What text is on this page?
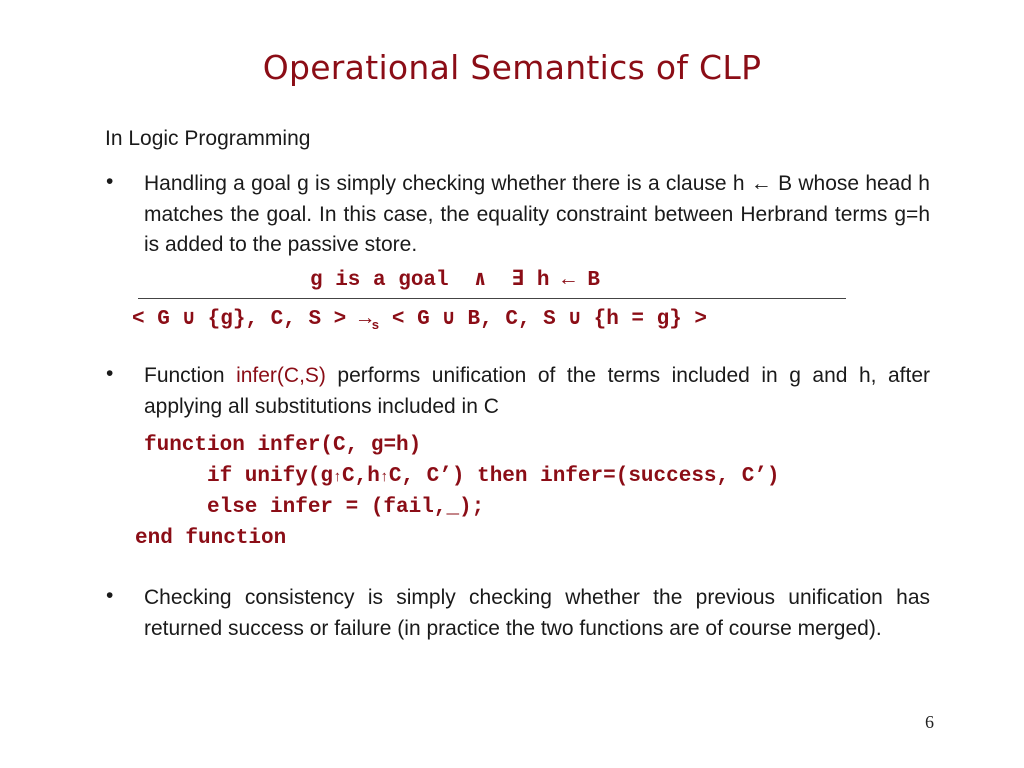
Operational Semantics of CLP
In Logic Programming
• Handling a goal g is simply checking whether there is a clause h ← B whose head h matches the goal. In this case, the equality constraint between Herbrand terms g=h is added to the passive store.
g is a goal  ∧  ∃ h ← B
< G ∪ {g}, C, $S > \to_s < G$ ∪ B, C, S ∪ {h = g} >
• Function infer(C,S) performs unification of the terms included in g and h, after applying all substitutions included in C
function infer(C, g=h)
if unify(g↑C,h↑C, C’) then infer=(success, C’)
else infer = (fail,_);
end function
• Checking consistency is simply checking whether the previous unification has returned success or failure (in practice the two functions are of course merged).
6
